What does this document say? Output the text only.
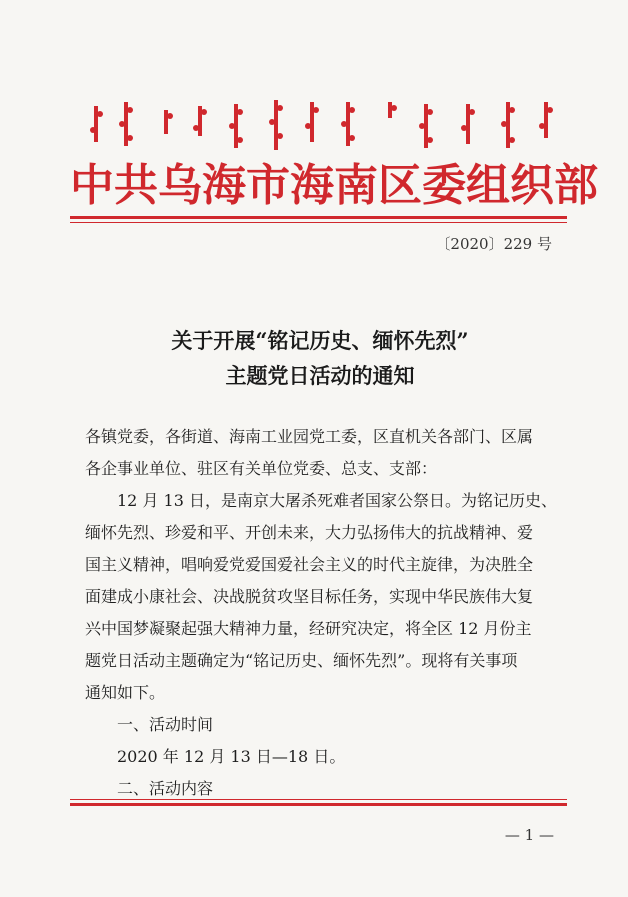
中共乌海市海南区委组织部
〔2020〕229 号
关于开展“铭记历史、缅怀先烈”
主题党日活动的通知
各镇党委，各街道、海南工业园党工委，区直机关各部门、区属
各企事业单位、驻区有关单位党委、总支、支部：
12 月 13 日，是南京大屠杀死难者国家公祭日。为铭记历史、
缅怀先烈、珍爱和平、开创未来，大力弘扬伟大的抗战精神、爱
国主义精神，唱响爱党爱国爱社会主义的时代主旋律，为决胜全
面建成小康社会、决战脱贫攻坚目标任务，实现中华民族伟大复
兴中国梦凝聚起强大精神力量，经研究决定，将全区 12 月份主
题党日活动主题确定为“铭记历史、缅怀先烈”。现将有关事项
通知如下。
一、活动时间
2020 年 12 月 13 日—18 日。
二、活动内容
— 1 —
